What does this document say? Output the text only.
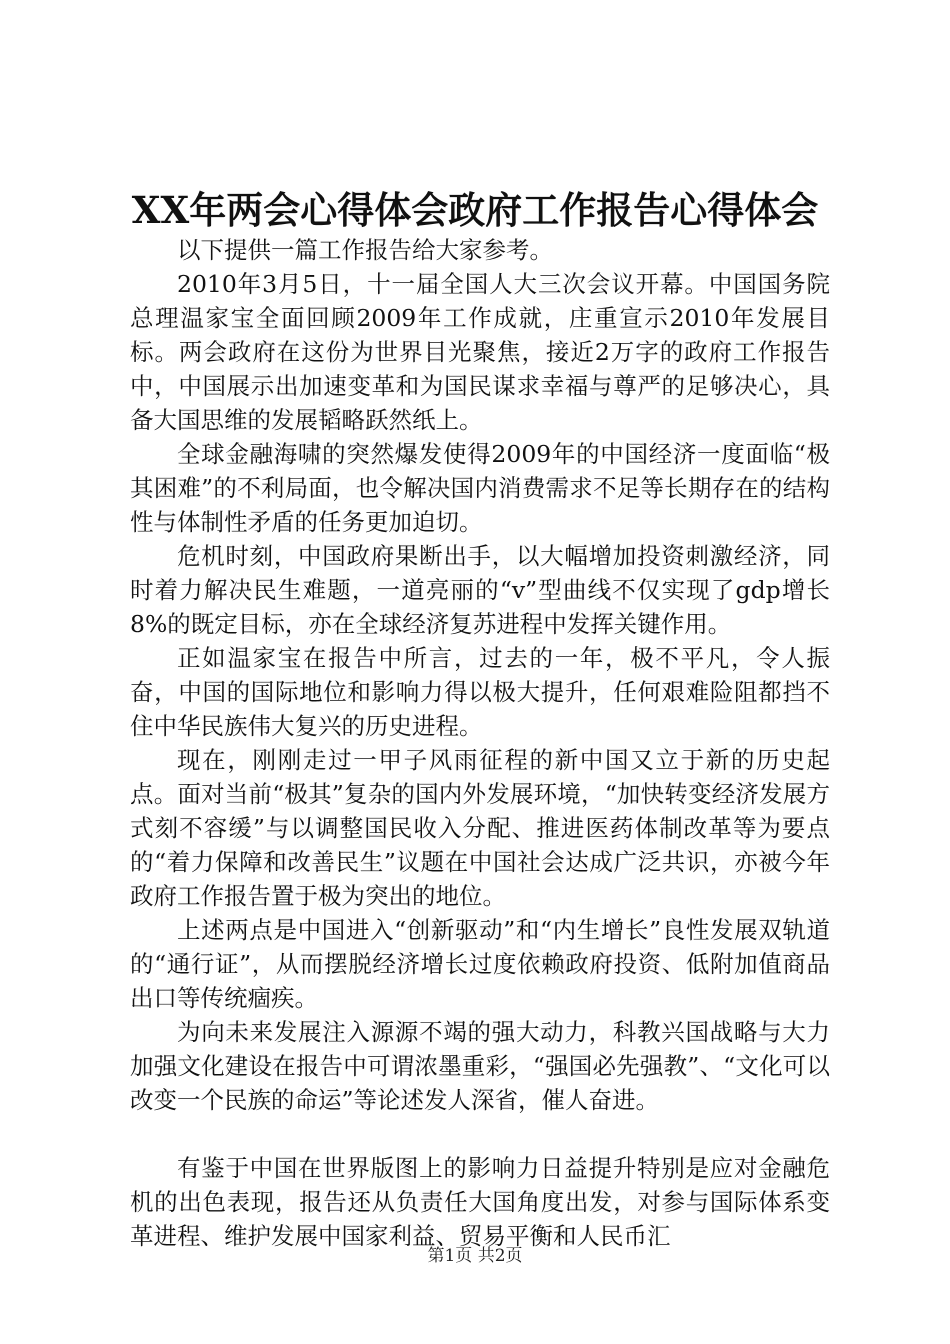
XX年两会心得体会政府工作报告心得体会

以下提供一篇工作报告给大家参考。

2010年3月5日，十一届全国人大三次会议开幕。中国国务院总理温家宝全面回顾2009年工作成就，庄重宣示2010年发展目标。两会政府在这份为世界目光聚焦，接近2万字的政府工作报告中，中国展示出加速变革和为国民谋求幸福与尊严的足够决心，具备大国思维的发展韬略跃然纸上。

全球金融海啸的突然爆发使得2009年的中国经济一度面临“极其困难”的不利局面，也令解决国内消费需求不足等长期存在的结构性与体制性矛盾的任务更加迫切。

危机时刻，中国政府果断出手，以大幅增加投资刺激经济，同时着力解决民生难题，一道亮丽的“v”型曲线不仅实现了gdp增长8%的既定目标，亦在全球经济复苏进程中发挥关键作用。

正如温家宝在报告中所言，过去的一年，极不平凡，令人振奋，中国的国际地位和影响力得以极大提升，任何艰难险阻都挡不住中华民族伟大复兴的历史进程。

现在，刚刚走过一甲子风雨征程的新中国又立于新的历史起点。面对当前“极其”复杂的国内外发展环境，“加快转变经济发展方式刻不容缓”与以调整国民收入分配、推进医药体制改革等为要点的“着力保障和改善民生”议题在中国社会达成广泛共识，亦被今年政府工作报告置于极为突出的地位。

上述两点是中国进入“创新驱动”和“内生增长”良性发展双轨道的“通行证”，从而摆脱经济增长过度依赖政府投资、低附加值商品出口等传统痼疾。

为向未来发展注入源源不竭的强大动力，科教兴国战略与大力加强文化建设在报告中可谓浓墨重彩，“强国必先强教”、“文化可以改变一个民族的命运”等论述发人深省，催人奋进。

有鉴于中国在世界版图上的影响力日益提升特别是应对金融危机的出色表现，报告还从负责任大国角度出发，对参与国际体系变革进程、维护发展中国家利益、贸易平衡和人民币汇

第1页 共2页
